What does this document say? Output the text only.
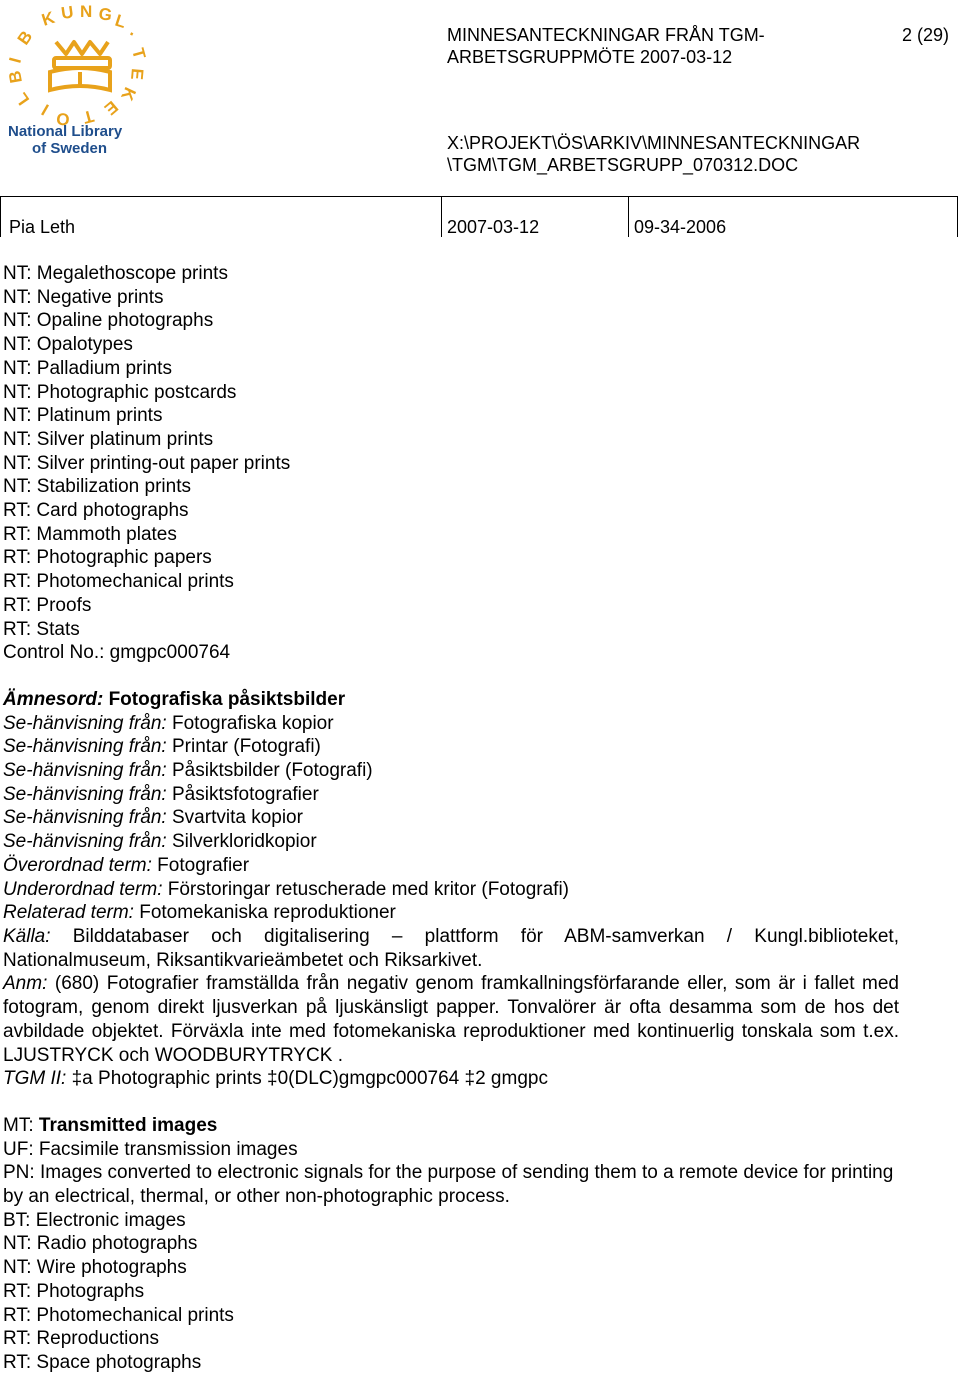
K U N G L
.
B
I
B
L
I O T E
K
E
T
National Library
of Sweden
MINNESANTECKNINGAR FRÅN TGM-ARBETSGRUPPMÖTE 2007-03-12
2 (29)
X:\PROJEKT\ÖS\ARKIV\MINNESANTECKNINGAR\TGM\TGM_ARBETSGRUPP_070312.DOC
Pia Leth	2007-03-12	09-34-2006

NT: Megalethoscope prints

NT: Negative prints

NT: Opaline photographs

NT: Opalotypes

NT: Palladium prints

NT: Photographic postcards

NT: Platinum prints

NT: Silver platinum prints

NT: Silver printing-out paper prints

NT: Stabilization prints

RT: Card photographs

RT: Mammoth plates

RT: Photographic papers

RT: Photomechanical prints

RT: Proofs

RT: Stats

Control No.: gmgpc000764

Ämnesord: Fotografiska påsiktsbilder

Se-hänvisning från: Fotografiska kopior

Se-hänvisning från: Printar (Fotografi)

Se-hänvisning från: Påsiktsbilder (Fotografi)

Se-hänvisning från: Påsiktsfotografier

Se-hänvisning från: Svartvita kopior

Se-hänvisning från: Silverkloridkopior

Överordnad term: Fotografier

Underordnad term: Förstoringar retuscherade med kritor (Fotografi)

Relaterad term: Fotomekaniska reproduktioner

Källa: Bilddatabaser och digitalisering – plattform för ABM-samverkan / Kungl.biblioteket,

Nationalmuseum, Riksantikvarieämbetet och Riksarkivet.

Anm: (680) Fotografier framställda från negativ genom framkallningsförfarande eller, som är i fallet med fotogram, genom direkt ljusverkan på ljuskänsligt papper. Tonvalörer är ofta desamma som de hos det avbildade objektet. Förväxla inte med fotomekaniska reproduktioner med kontinuerlig tonskala som t.ex. LJUSTRYCK och WOODBURYTRYCK .

TGM II: ‡a Photographic prints ‡0(DLC)gmgpc000764 ‡2 gmgpc

MT: Transmitted images

UF: Facsimile transmission images

PN: Images converted to electronic signals for the purpose of sending them to a remote device for printing by an electrical, thermal, or other non-photographic process.

BT: Electronic images

NT: Radio photographs

NT: Wire photographs

RT: Photographs

RT: Photomechanical prints

RT: Reproductions

RT: Space photographs
